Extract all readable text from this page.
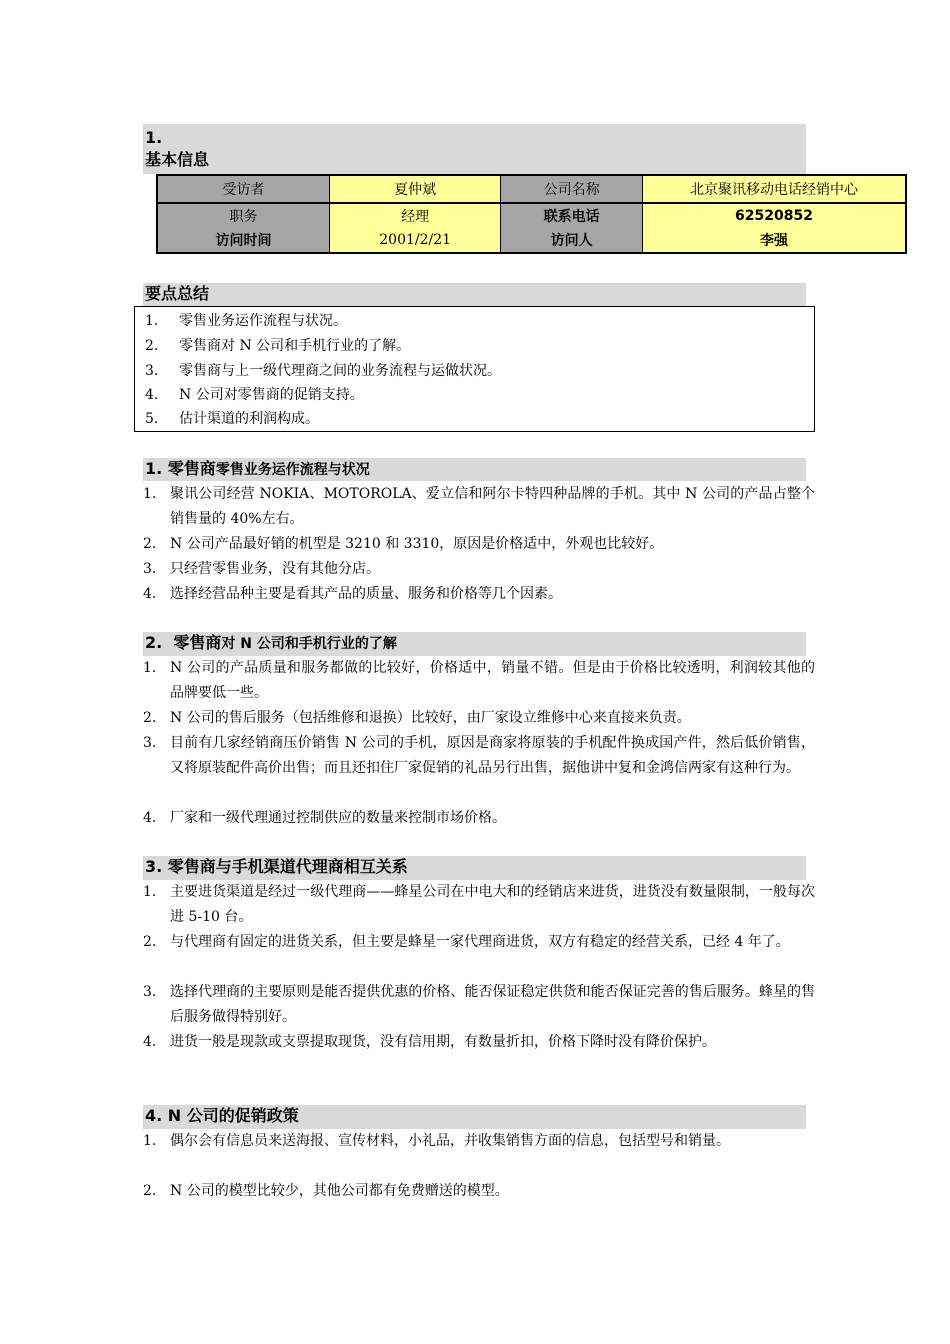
1.
基本信息
受访者	夏仲斌	公司名称	北京聚讯移动电话经销中心
职务	经理	联系电话	62520852
访问时间	2001/2/21	访问人	李强
要点总结
1. 零售业务运作流程与状况。
2. 零售商对 N 公司和手机行业的了解。
3. 零售商与上一级代理商之间的业务流程与运做状况。
4. N 公司对零售商的促销支持。
5. 估计渠道的利润构成。
1. 零售商零售业务运作流程与状况
1. 聚讯公司经营 NOKIA、MOTOROLA、爱立信和阿尔卡特四种品牌的手机。其中 N 公司的产品占整个销售量的 40%左右。
2. N 公司产品最好销的机型是 3210 和 3310，原因是价格适中，外观也比较好。
3. 只经营零售业务，没有其他分店。
4. 选择经营品种主要是看其产品的质量、服务和价格等几个因素。
2. 零售商对 N 公司和手机行业的了解
1. N 公司的产品质量和服务都做的比较好，价格适中，销量不错。但是由于价格比较透明，利润较其他的品牌要低一些。
2. N 公司的售后服务（包括维修和退换）比较好，由厂家设立维修中心来直接来负责。
3. 目前有几家经销商压价销售 N 公司的手机，原因是商家将原装的手机配件换成国产件，然后低价销售，又将原装配件高价出售；而且还扣住厂家促销的礼品另行出售，据他讲中复和金鸿信两家有这种行为。
4. 厂家和一级代理通过控制供应的数量来控制市场价格。
3. 零售商与手机渠道代理商相互关系
1. 主要进货渠道是经过一级代理商——蜂星公司在中电大和的经销店来进货，进货没有数量限制，一般每次进 5-10 台。
2. 与代理商有固定的进货关系，但主要是蜂星一家代理商进货，双方有稳定的经营关系，已经 4 年了。
3. 选择代理商的主要原则是能否提供优惠的价格、能否保证稳定供货和能否保证完善的售后服务。蜂星的售后服务做得特别好。
4. 进货一般是现款或支票提取现货，没有信用期，有数量折扣，价格下降时没有降价保护。
4. N 公司的促销政策
1. 偶尔会有信息员来送海报、宣传材料，小礼品，并收集销售方面的信息，包括型号和销量。
2. N 公司的模型比较少，其他公司都有免费赠送的模型。
